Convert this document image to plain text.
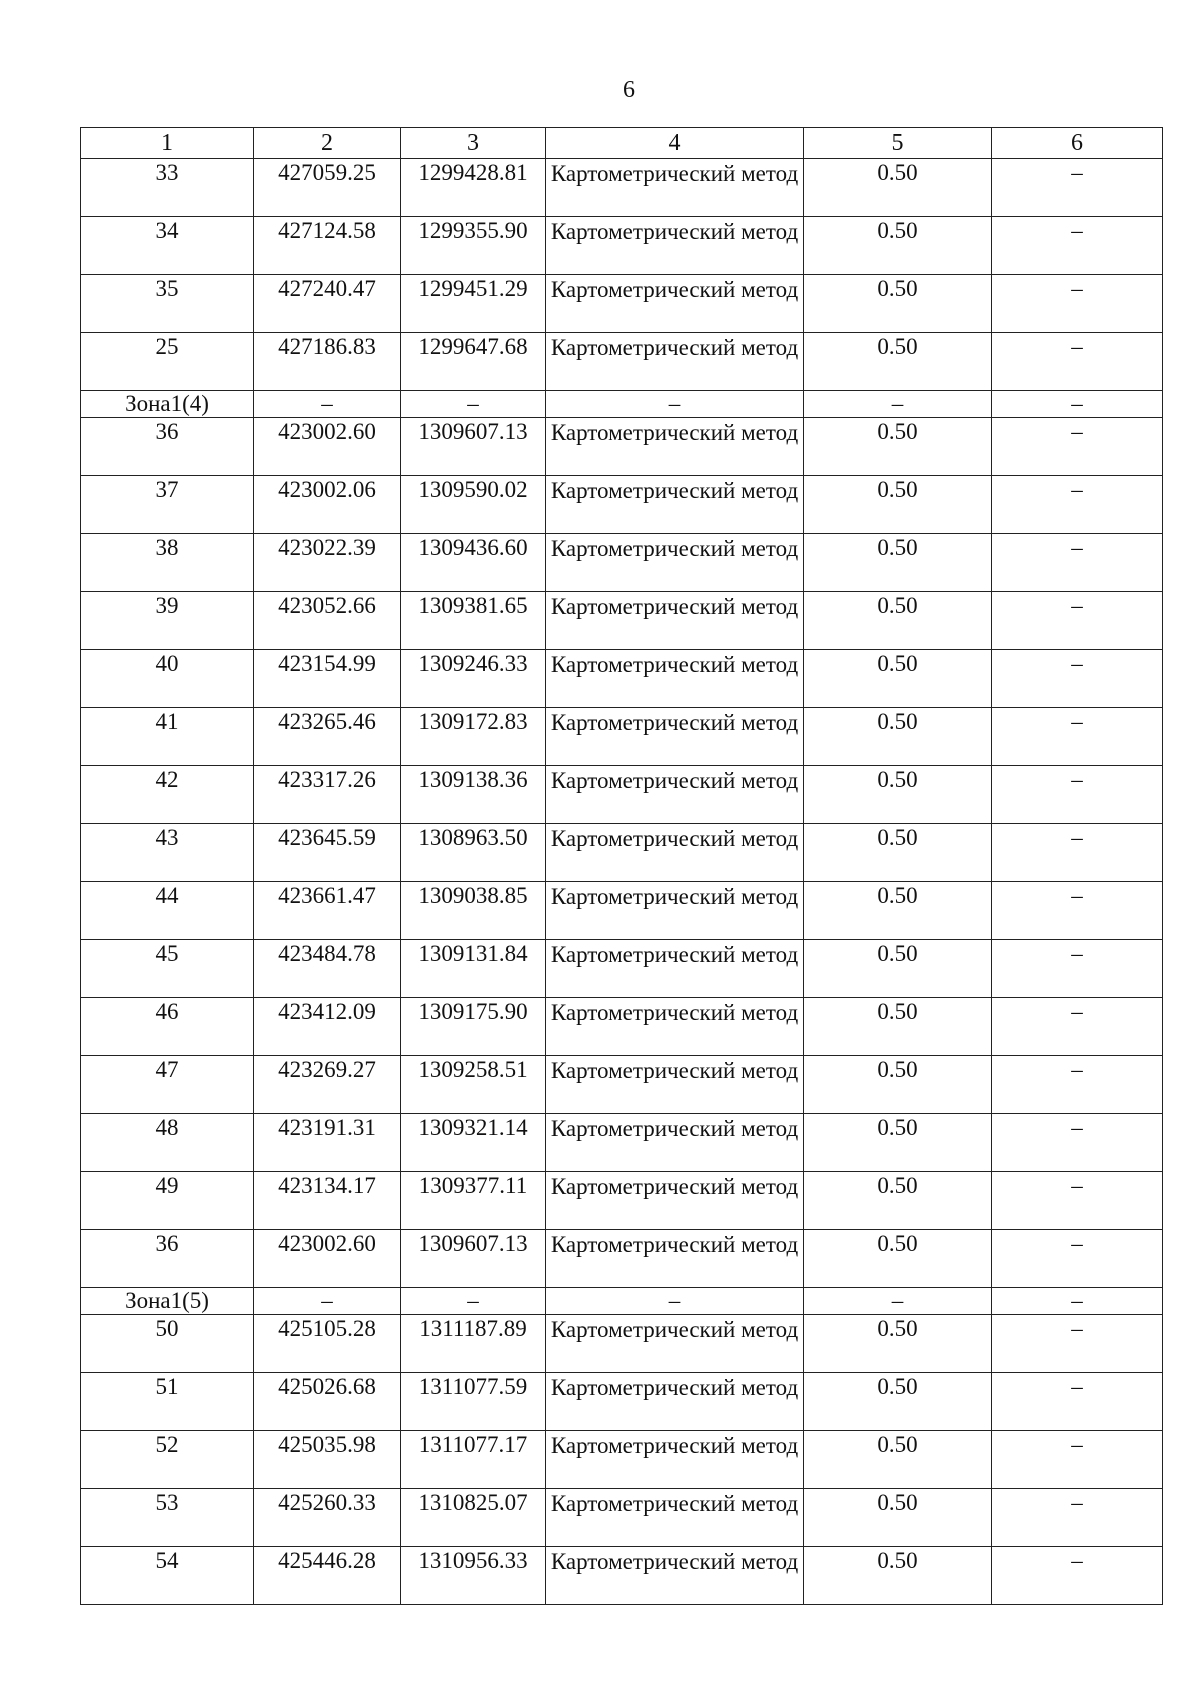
6
1	2	3	4	5	6
33	427059.25	1299428.81	Картометрический метод	0.50	–
34	427124.58	1299355.90	Картометрический метод	0.50	–
35	427240.47	1299451.29	Картометрический метод	0.50	–
25	427186.83	1299647.68	Картометрический метод	0.50	–
Зона1(4)	–	–	–	–	–
36	423002.60	1309607.13	Картометрический метод	0.50	–
37	423002.06	1309590.02	Картометрический метод	0.50	–
38	423022.39	1309436.60	Картометрический метод	0.50	–
39	423052.66	1309381.65	Картометрический метод	0.50	–
40	423154.99	1309246.33	Картометрический метод	0.50	–
41	423265.46	1309172.83	Картометрический метод	0.50	–
42	423317.26	1309138.36	Картометрический метод	0.50	–
43	423645.59	1308963.50	Картометрический метод	0.50	–
44	423661.47	1309038.85	Картометрический метод	0.50	–
45	423484.78	1309131.84	Картометрический метод	0.50	–
46	423412.09	1309175.90	Картометрический метод	0.50	–
47	423269.27	1309258.51	Картометрический метод	0.50	–
48	423191.31	1309321.14	Картометрический метод	0.50	–
49	423134.17	1309377.11	Картометрический метод	0.50	–
36	423002.60	1309607.13	Картометрический метод	0.50	–
Зона1(5)	–	–	–	–	–
50	425105.28	1311187.89	Картометрический метод	0.50	–
51	425026.68	1311077.59	Картометрический метод	0.50	–
52	425035.98	1311077.17	Картометрический метод	0.50	–
53	425260.33	1310825.07	Картометрический метод	0.50	–
54	425446.28	1310956.33	Картометрический метод	0.50	–
